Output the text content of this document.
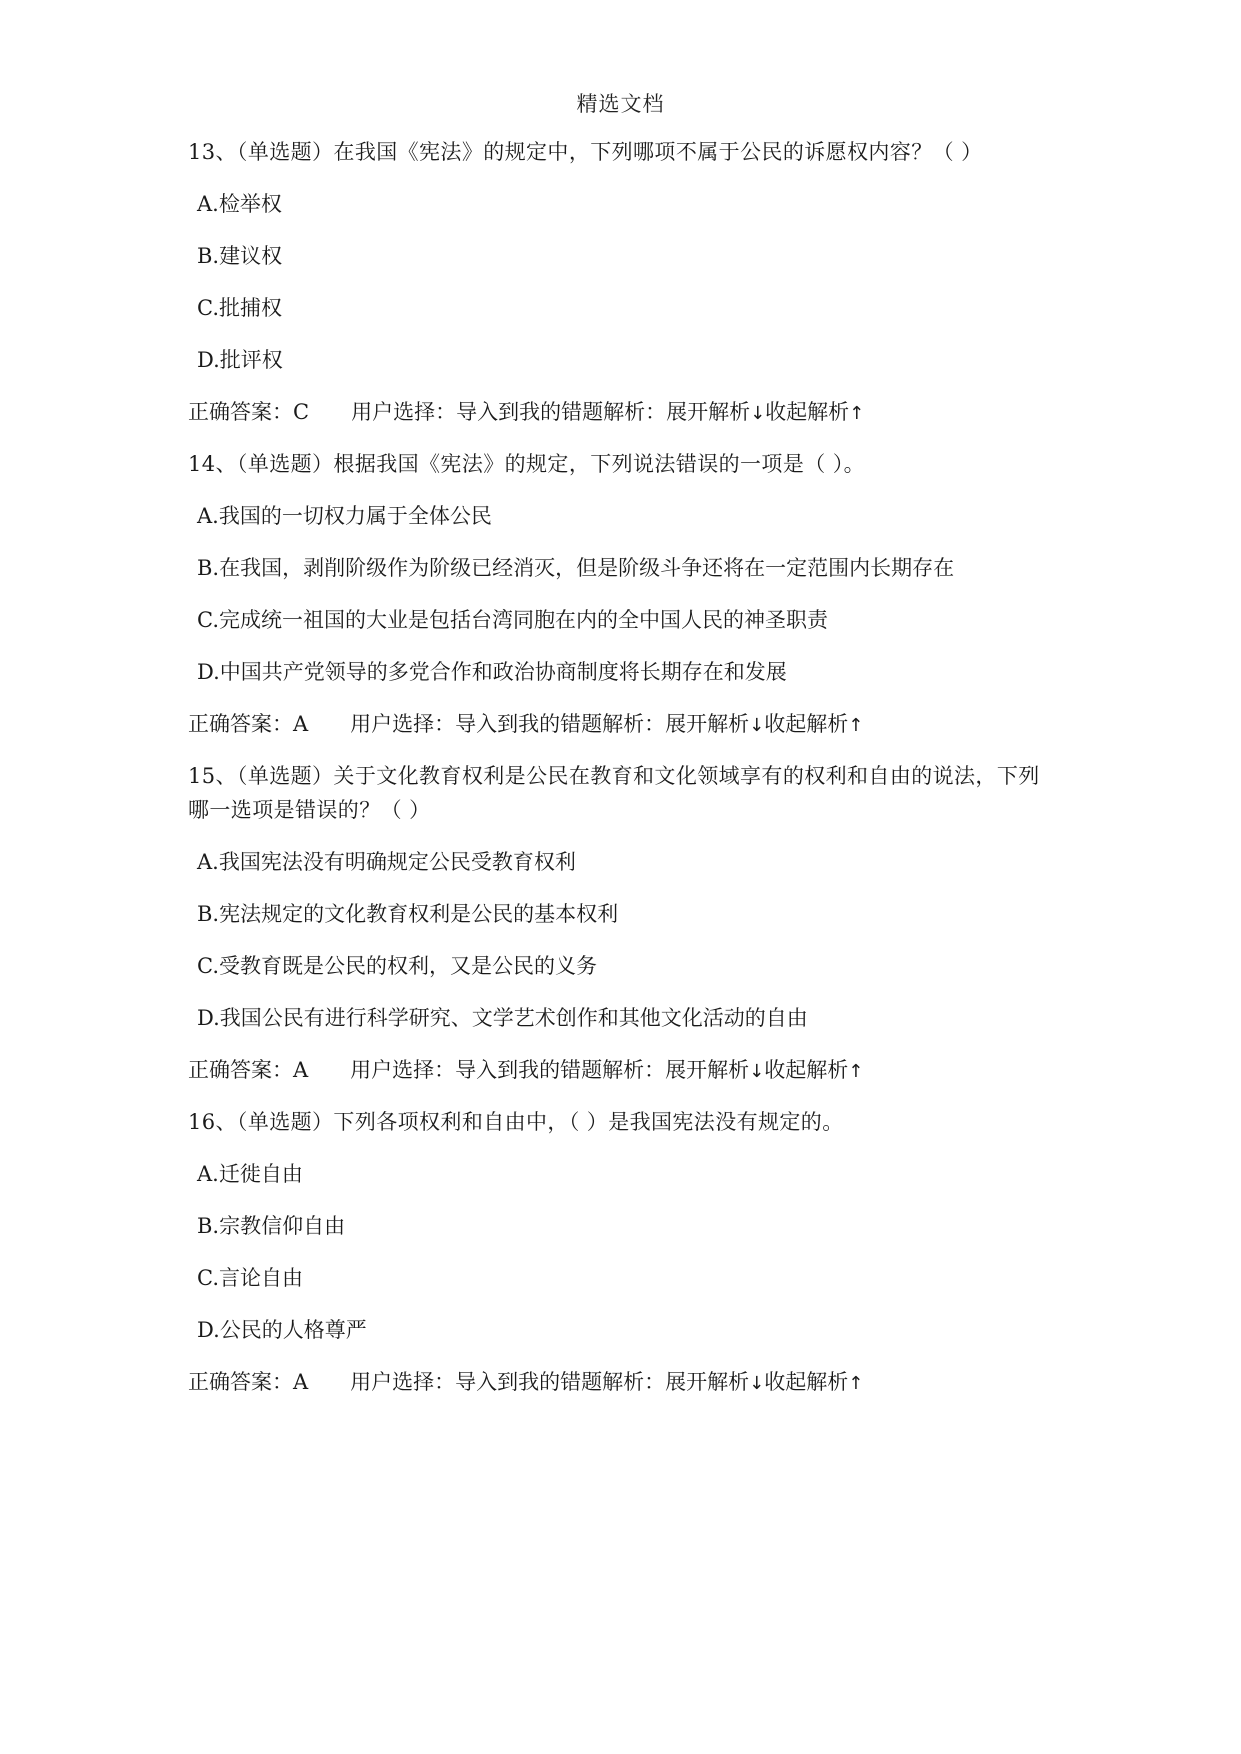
精选文档
13、（单选题）在我国《宪法》的规定中，下列哪项不属于公民的诉愿权内容？（ ）
A.检举权
B.建议权
C.批捕权
D.批评权
正确答案：C 用户选择：导入到我的错题解析：展开解析↓收起解析↑
14、（单选题）根据我国《宪法》的规定，下列说法错误的一项是（ ）。
A.我国的一切权力属于全体公民
B.在我国，剥削阶级作为阶级已经消灭，但是阶级斗争还将在一定范围内长期存在
C.完成统一祖国的大业是包括台湾同胞在内的全中国人民的神圣职责
D.中国共产党领导的多党合作和政治协商制度将长期存在和发展
正确答案：A 用户选择：导入到我的错题解析：展开解析↓收起解析↑
15、（单选题）关于文化教育权利是公民在教育和文化领域享有的权利和自由的说法，下列
哪一选项是错误的？（ ）
A.我国宪法没有明确规定公民受教育权利
B.宪法规定的文化教育权利是公民的基本权利
C.受教育既是公民的权利，又是公民的义务
D.我国公民有进行科学研究、文学艺术创作和其他文化活动的自由
正确答案：A 用户选择：导入到我的错题解析：展开解析↓收起解析↑
16、（单选题）下列各项权利和自由中，（ ）是我国宪法没有规定的。
A.迁徙自由
B.宗教信仰自由
C.言论自由
D.公民的人格尊严
正确答案：A 用户选择：导入到我的错题解析：展开解析↓收起解析↑
